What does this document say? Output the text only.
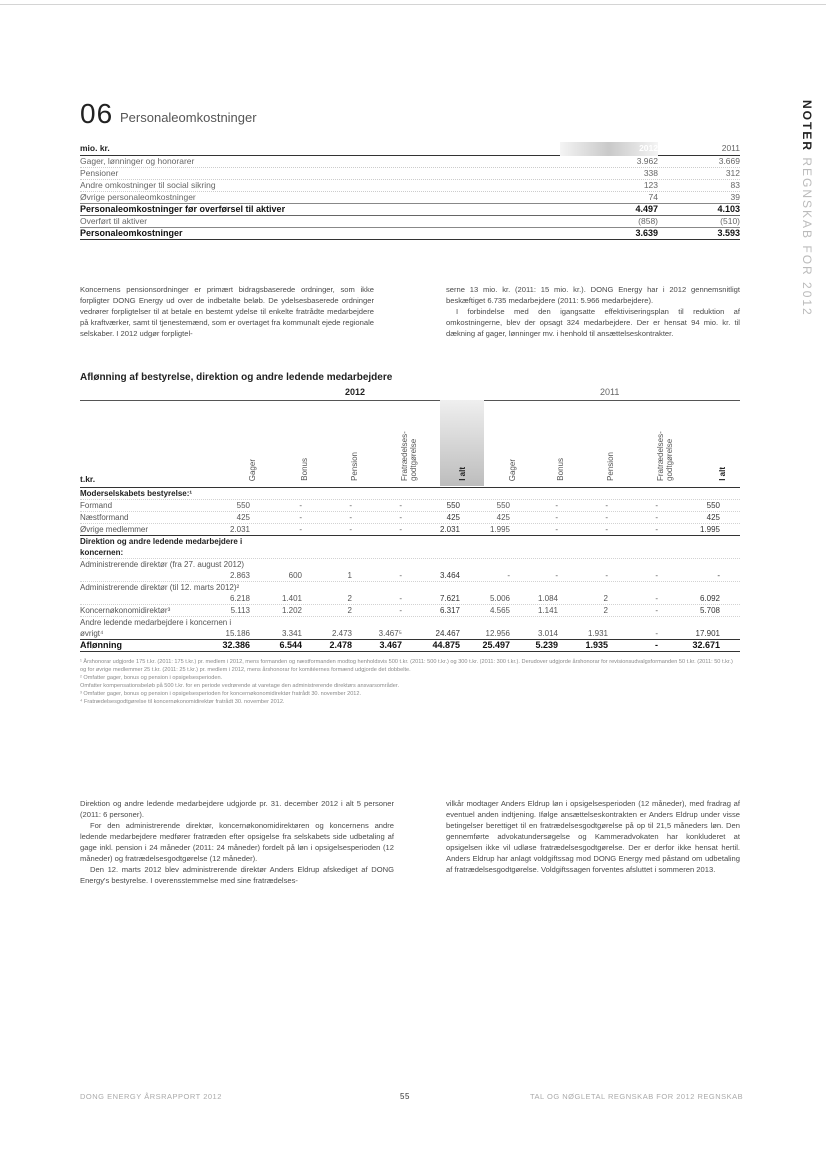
06 Personaleomkostninger	NOTER REGNSKAB FOR 2012
mio. kr.	2012	2011
Gager, lønninger og honorarer	3.962	3.669
Pensioner	338	312
Andre omkostninger til social sikring	123	83
Øvrige personaleomkostninger	74	39
Personaleomkostninger før overførsel til aktiver	4.497	4.103
Overført til aktiver	(858)	(510)
Personaleomkostninger	3.639	3.593
Koncernens pensionsordninger er primært bidragsbaserede ordninger, som ikke forpligter DONG Energy ud over de indbetalte beløb. De ydelsesbaserede ordninger vedrører forpligtelser til at betale en bestemt ydelse til enkelte fratrådte medarbejdere på kraftværker, samt til tjenestemænd, som er overtaget fra kommunalt ejede regionale selskaber. I 2012 udgør forpligtel-

serne 13 mio. kr. (2011: 15 mio. kr.). DONG Energy har i 2012 gennemsnitligt beskæftiget 6.735 medarbejdere (2011: 5.966 medarbejdere).

I forbindelse med den igangsatte effektiviseringsplan til reduktion af omkostningerne, blev der opsagt 324 medarbejdere. Der er hensat 94 mio. kr. til dækning af gager, lønninger mv. i henhold til ansættelseskontrakter.

Aflønning af bestyrelse, direktion og andre ledende medarbejdere
2012	2011
t.kr.	Gager	Bonus	Pension	Fratrædelses-godtgørelse	I alt	Gager	Bonus	Pension	Fratrædelses-godtgørelse	I alt
Moderselskabets bestyrelse:¹
Formand	550	-	-	-	550	550	-	-	-	550
Næstformand	425	-	-	-	425	425	-	-	-	425
Øvrige medlemmer	2.031	-	-	-	2.031	1.995	-	-	-	1.995
Direktion og andre ledende medarbejdere i koncernen:
Administrerende direktør (fra 27. august 2012)
2.863	600	1	-	3.464	-	-	-	-	-
Administrerende direktør (til 12. marts 2012)²
6.218	1.401	2	-	7.621	5.006	1.084	2	-	6.092
Koncernøkonomidirektør³	5.113	1.202	2	-	6.317	4.565	1.141	2	-	5.708
Andre ledende medarbejdere i koncernen i øvrigt⁴	15.186	3.341	2.473	3.467⁵	24.467	12.956	3.014	1.931	-	17.901
Aflønning	32.386	6.544	2.478	3.467	44.875	25.497	5.239	1.935	-	32.671

¹ Årshonorar udgjorde 175 t.kr. (2011: 175 t.kr.) pr. medlem i 2012, mens formanden og næstformanden modtog henholdsvis 500 t.kr. (2011: 500 t.kr.) og 300 t.kr. (2011: 300 t.kr.). Derudover udgjorde årshonorar for revisionsudvalgsformanden 50 t.kr. (2011: 50 t.kr.) og for øvrige medlemmer 25 t.kr. (2011: 25 t.kr.) pr. medlem i 2012, mens årshonorar for komitéernes formænd udgjorde det dobbelte.

² Omfatter gager, bonus og pension i opsigelsesperioden.

Omfatter kompensationsbeløb på 500 t.kr. for en periode vedrørende at varetage den administrerende direktørs ansvarsområder.

³ Omfatter gager, bonus og pension i opsigelsesperioden for koncernøkonomidirektør fratrådt 30. november 2012.

⁴ Fratrædelsesgodtgørelse til koncernøkonomidirektør fratrådt 30. november 2012.

Direktion og andre ledende medarbejdere udgjorde pr. 31. december 2012 i alt 5 personer (2011: 6 personer).

For den administrerende direktør, koncernøkonomidirektøren og koncernens andre ledende medarbejdere medfører fratræden efter opsigelse fra selskabets side udbetaling af gage inkl. pension i 24 måneder (2011: 24 måneder) fordelt på løn i opsigelsesperioden (12 måneder) og fratrædelsesgodtgørelse (12 måneder).

Den 12. marts 2012 blev administrerende direktør Anders Eldrup afskediget af DONG Energy's bestyrelse. I overensstemmelse med sine fratrædelses-

vilkår modtager Anders Eldrup løn i opsigelsesperioden (12 måneder), med fradrag af eventuel anden indtjening. Ifølge ansættelseskontrakten er Anders Eldrup under visse betingelser berettiget til en fratrædelsesgodtgørelse på op til 21,5 måneders løn. Den gennemførte advokatundersøgelse og Kammeradvokaten har konkluderet at opsigelsen ikke vil udløse fratrædelsesgodtgørelse. Der er derfor ikke hensat hertil. Anders Eldrup har anlagt voldgiftssag mod DONG Energy med påstand om udbetaling af fratrædelsesgodtgørelse. Voldgiftssagen forventes afsluttet i sommeren 2013.

DONG ENERGY ÅRSRAPPORT 2012	55	TAL OG NØGLETAL REGNSKAB FOR 2012 REGNSKAB
